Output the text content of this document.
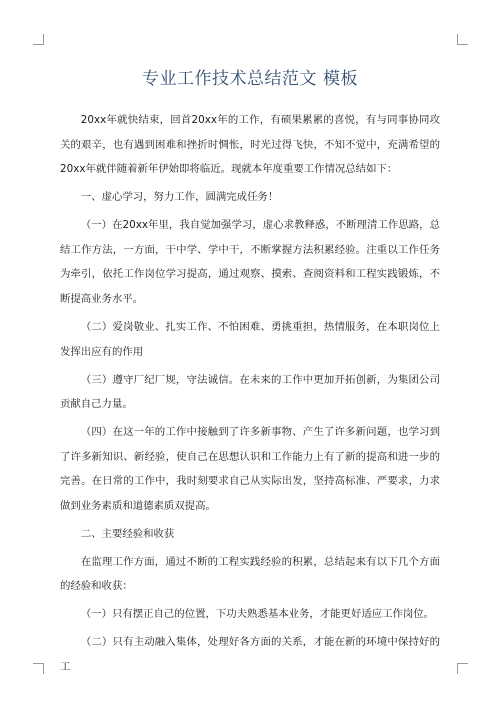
专业工作技术总结范文 模板

20xx年就快结束，回首20xx年的工作，有硕果累累的喜悦，有与同事协同攻关的艰辛，也有遇到困难和挫折时惆怅，时光过得飞快，不知不觉中，充满希望的20xx年就伴随着新年伊始即将临近。现就本年度重要工作情况总结如下：

一、虚心学习，努力工作，圆满完成任务！

（一）在20xx年里，我自觉加强学习，虚心求教释惑，不断理清工作思路，总结工作方法，一方面，干中学、学中干，不断掌握方法积累经验。注重以工作任务为牵引，依托工作岗位学习提高，通过观察、摸索、查阅资料和工程实践锻炼，不断提高业务水平。

（二）爱岗敬业、扎实工作、不怕困难、勇挑重担，热情服务，在本职岗位上发挥出应有的作用

（三）遵守厂纪厂规，守法诚信。在未来的工作中更加开拓创新，为集团公司贡献自己力量。

（四）在这一年的工作中接触到了许多新事物、产生了许多新问题，也学习到了许多新知识、新经验，使自己在思想认识和工作能力上有了新的提高和进一步的完善。在日常的工作中，我时刻要求自己从实际出发，坚持高标准、严要求，力求做到业务素质和道德素质双提高。

二、主要经验和收获

在监理工作方面，通过不断的工程实践经验的积累，总结起来有以下几个方面的经验和收获：

（一）只有摆正自己的位置，下功夫熟悉基本业务，才能更好适应工作岗位。

（二）只有主动融入集体，处理好各方面的关系，才能在新的环境中保持好的工
